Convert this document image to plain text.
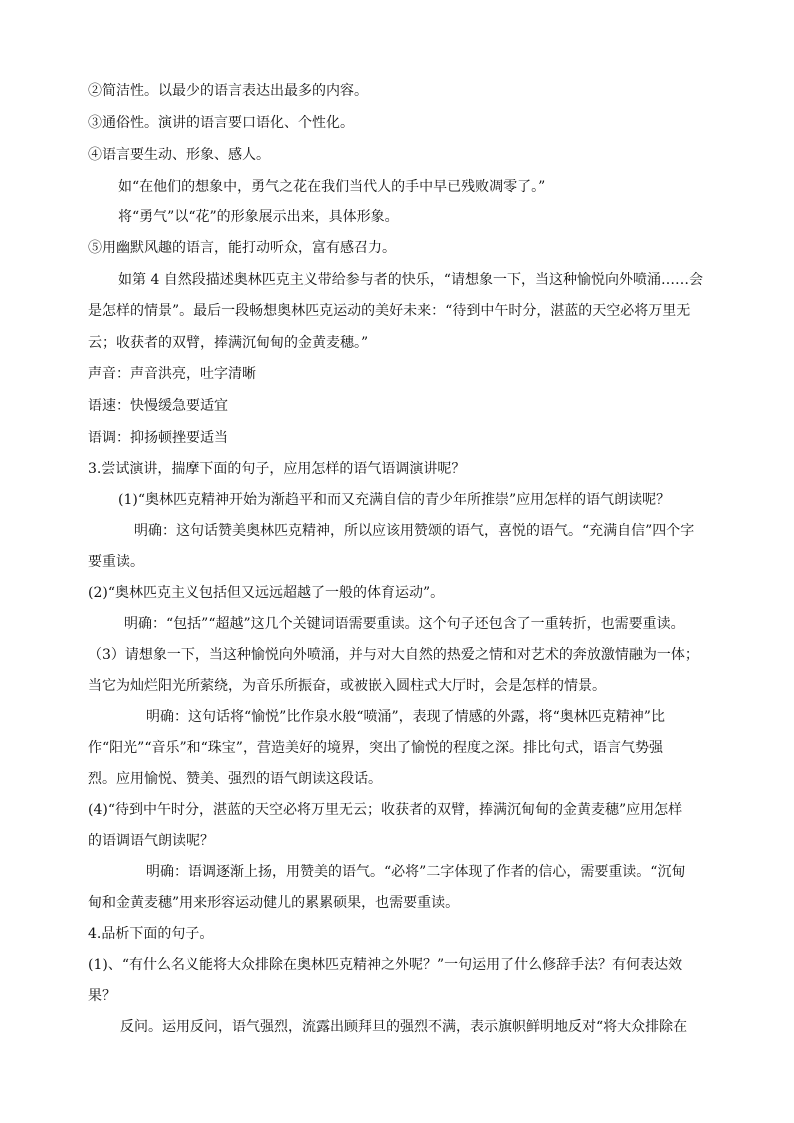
②简洁性。以最少的语言表达出最多的内容。
③通俗性。演讲的语言要口语化、个性化。
④语言要生动、形象、感人。
如“在他们的想象中，勇气之花在我们当代人的手中早已残败凋零了。”
将“勇气”以“花”的形象展示出来，具体形象。
⑤用幽默风趣的语言，能打动听众，富有感召力。
如第 4 自然段描述奥林匹克主义带给参与者的快乐，“请想象一下，当这种愉悦向外喷涌……会
是怎样的情景”。最后一段畅想奥林匹克运动的美好未来：“待到中午时分，湛蓝的天空必将万里无
云；收获者的双臂，捧满沉甸甸的金黄麦穗。”
声音：声音洪亮，吐字清晰
语速：快慢缓急要适宜
语调：抑扬顿挫要适当
3.尝试演讲，揣摩下面的句子，应用怎样的语气语调演讲呢？
(1)“奥林匹克精神开始为渐趋平和而又充满自信的青少年所推崇”应用怎样的语气朗读呢？
明确：这句话赞美奥林匹克精神，所以应该用赞颂的语气，喜悦的语气。“充满自信”四个字
要重读。
(2)“奥林匹克主义包括但又远远超越了一般的体育运动”。
明确：“包括”“超越”这几个关键词语需要重读。这个句子还包含了一重转折，也需要重读。
（3）请想象一下，当这种愉悦向外喷涌，并与对大自然的热爱之情和对艺术的奔放激情融为一体；
当它为灿烂阳光所萦绕，为音乐所振奋，或被嵌入圆柱式大厅时，会是怎样的情景。
明确：这句话将“愉悦”比作泉水般“喷涌”，表现了情感的外露，将“奥林匹克精神”比
作“阳光”“音乐”和“珠宝”，营造美好的境界，突出了愉悦的程度之深。排比句式，语言气势强
烈。应用愉悦、赞美、强烈的语气朗读这段话。
(4)“待到中午时分，湛蓝的天空必将万里无云；收获者的双臂，捧满沉甸甸的金黄麦穗”应用怎样
的语调语气朗读呢？
明确：语调逐渐上扬，用赞美的语气。“必将”二字体现了作者的信心，需要重读。“沉甸
甸和金黄麦穗”用来形容运动健儿的累累硕果，也需要重读。
4.品析下面的句子。
(1)、“有什么名义能将大众排除在奥林匹克精神之外呢？”一句运用了什么修辞手法？有何表达效
果？
反问。运用反问，语气强烈，流露出顾拜旦的强烈不满，表示旗帜鲜明地反对“将大众排除在
